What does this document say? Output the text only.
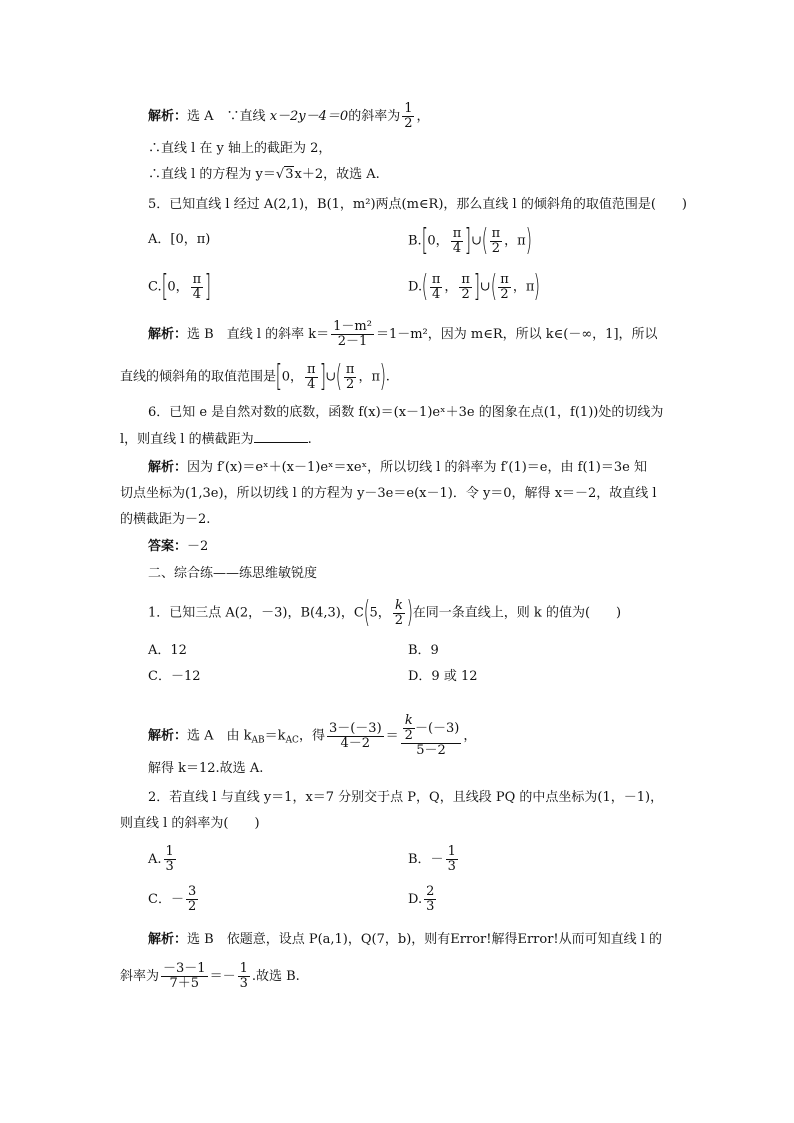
解析：选 A　∵直线 x－2y－4＝0的斜率为 $\frac{1}{2}$ ，
∴直线 l 在 y 轴上的截距为 2，
∴直线 l 的方程为 y＝√3x＋2，故选 A.
5．已知直线 l 经过 A(2,1)，B(1，m²)两点(m∈R)，那么直线 l 的倾斜角的取值范围是(　　)
A．[0，π)	B.[0， $\frac{\pi}{4}$ ]∪( $\frac{\pi}{2}$ ，π)
C.[0， $\frac{\pi}{4}$ ]	$D.( \frac{\pi}{4}$ ， $\frac{\pi}{2}$ ]∪( $\frac{\pi}{2}$ ，π)
解析：选 B　直线 l 的斜率 $k= \frac{\text{1－m²}}{2-1} =1-m^2$，因为 m∈R，所以 k∈(－∞，1]，所以
直线的倾斜角的取值范围是[0， $\frac{\pi}{4}$ ]∪( $\frac{\pi}{2}$ ，π).
6．已知 e 是自然对数的底数，函数 f(x)＝(x－1)eˣ＋3e 的图象在点(1，f(1))处的切线为
l，则直线 l 的横截距为	.
解析：因为 f′(x)＝eˣ＋(x－1)eˣ＝xeˣ，所以切线 l 的斜率为 f′(1)＝e，由 f(1)＝3e 知
切点坐标为(1,3e)，所以切线 l 的方程为 y－3e＝e(x－1)．令 y＝0，解得 x＝－2，故直线 l
的横截距为－2.
答案：－2
二、综合练——练思维敏锐度
1．已知三点 A(2，－3)，B(4,3)，C(5， $\frac{k}{2}$ )在同一条直线上，则 k 的值为(　　)
A．12	B．9
C．－12	D．9 或 12
解析：选 A　由 $k_{AB}=k_{AC}$，得 $\frac{3-(-3)}{4-2} = \frac{\frac{k}{2} -(-3)}{5-2}$ ，
解得 k＝12.故选 A.
2．若直线 l 与直线 y＝1，x＝7 分别交于点 P，Q，且线段 PQ 的中点坐标为(1，－1)，
则直线 l 的斜率为(　　)
A. $\frac{1}{3}$	B．－ $\frac{1}{3}$
C．－ $\frac{3}{2}$	D. $\frac{2}{3}$
解析：选 B　依题意，设点 P(a,1)，Q(7，b)，则有Error!解得Error!从而可知直线 l 的
斜率为 $\frac{-3-1}{7+5} =- \frac{1}{3}$ .故选 B.
